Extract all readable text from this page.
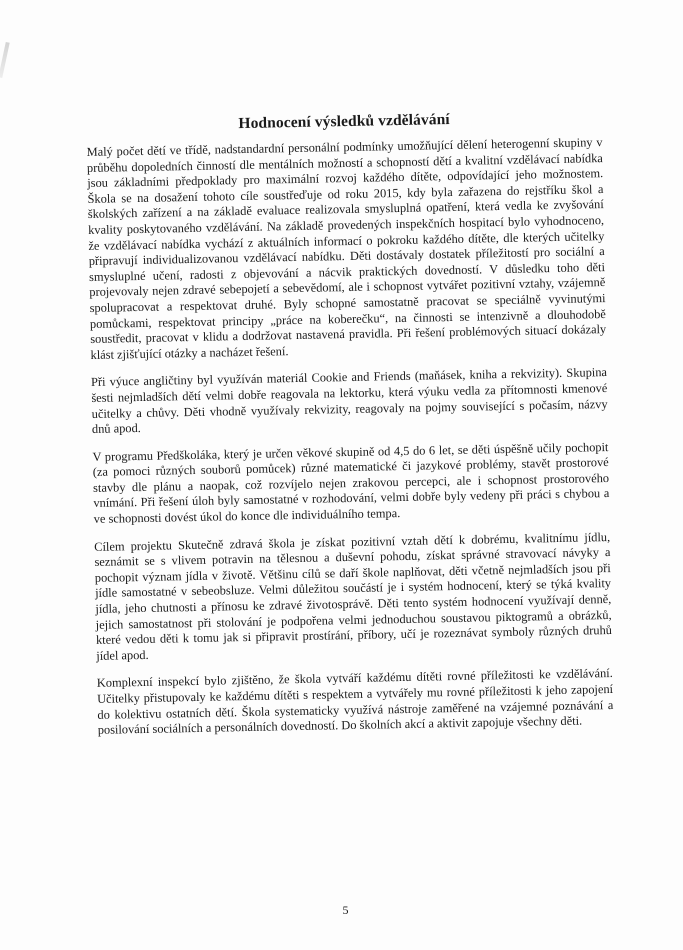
Hodnocení výsledků vzdělávání

Malý počet dětí ve třídě, nadstandardní personální podmínky umožňující dělení heterogenní skupiny v průběhu dopoledních činností dle mentálních možností a schopností dětí a kvalitní vzdělávací nabídka jsou základními předpoklady pro maximální rozvoj každého dítěte, odpovídající jeho možnostem. Škola se na dosažení tohoto cíle soustřeďuje od roku 2015, kdy byla zařazena do rejstříku škol a školských zařízení a na základě evaluace realizovala smysluplná opatření, která vedla ke zvyšování kvality poskytovaného vzdělávání. Na základě provedených inspekčních hospitací bylo vyhodnoceno, že vzdělávací nabídka vychází z aktuálních informací o pokroku každého dítěte, dle kterých učitelky připravují individualizovanou vzdělávací nabídku. Děti dostávaly dostatek příležitostí pro sociální a smysluplné učení, radosti z objevování a nácvik praktických dovedností. V důsledku toho děti projevovaly nejen zdravé sebepojetí a sebevědomí, ale i schopnost vytvářet pozitivní vztahy, vzájemně spolupracovat a respektovat druhé. Byly schopné samostatně pracovat se speciálně vyvinutými pomůckami, respektovat principy „práce na koberečku“, na činnosti se intenzivně a dlouhodobě soustředit, pracovat v klidu a dodržovat nastavená pravidla. Při řešení problémových situací dokázaly klást zjišťující otázky a nacházet řešení.

Při výuce angličtiny byl využíván materiál Cookie and Friends (maňásek, kniha a rekvizity). Skupina šesti nejmladších dětí velmi dobře reagovala na lektorku, která výuku vedla za přítomnosti kmenové učitelky a chůvy. Děti vhodně využívaly rekvizity, reagovaly na pojmy související s počasím, názvy dnů apod.

V programu Předškoláka, který je určen věkové skupině od 4,5 do 6 let, se děti úspěšně učily pochopit (za pomoci různých souborů pomůcek) různé matematické či jazykové problémy, stavět prostorové stavby dle plánu a naopak, což rozvíjelo nejen zrakovou percepci, ale i schopnost prostorového vnímání. Při řešení úloh byly samostatné v rozhodování, velmi dobře byly vedeny při práci s chybou a ve schopnosti dovést úkol do konce dle individuálního tempa.

Cílem projektu Skutečně zdravá škola je získat pozitivní vztah dětí k dobrému, kvalitnímu jídlu, seznámit se s vlivem potravin na tělesnou a duševní pohodu, získat správné stravovací návyky a pochopit význam jídla v životě. Většinu cílů se daří škole naplňovat, děti včetně nejmladších jsou při jídle samostatné v sebeobsluze. Velmi důležitou součástí je i systém hodnocení, který se týká kvality jídla, jeho chutnosti a přínosu ke zdravé životosprávě. Děti tento systém hodnocení využívají denně, jejich samostatnost při stolování je podpořena velmi jednoduchou soustavou piktogramů a obrázků, které vedou děti k tomu jak si připravit prostírání, příbory, učí je rozeznávat symboly různých druhů jídel apod.

Komplexní inspekcí bylo zjištěno, že škola vytváří každému dítěti rovné příležitosti ke vzdělávání. Učitelky přistupovaly ke každému dítěti s respektem a vytvářely mu rovné příležitosti k jeho zapojení do kolektivu ostatních dětí. Škola systematicky využívá nástroje zaměřené na vzájemné poznávání a posilování sociálních a personálních dovedností. Do školních akcí a aktivit zapojuje všechny děti.

5
